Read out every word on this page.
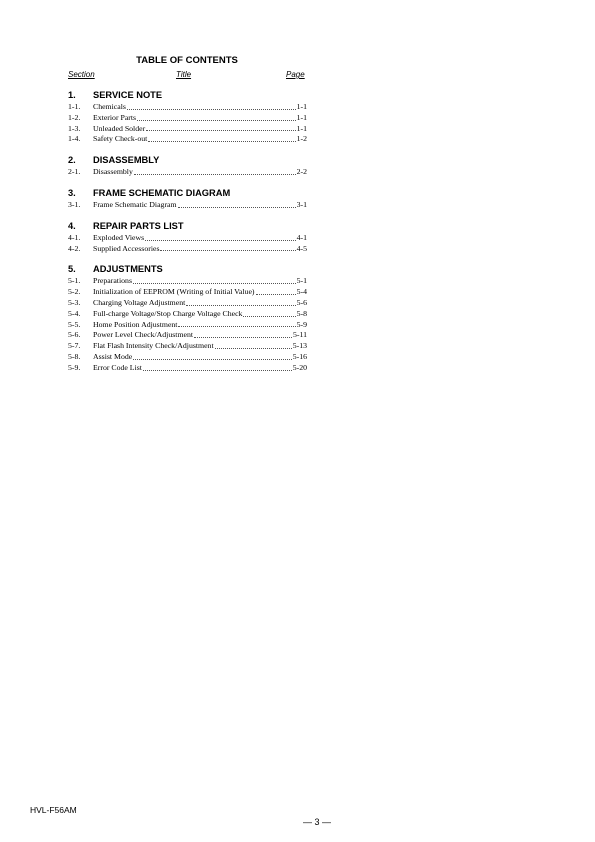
TABLE OF CONTENTS
Section	Title	Page
1.	SERVICE NOTE
1-1.	Chemicals	1-1
1-2.	Exterior Parts	1-1
1-3.	Unleaded Solder	1-1
1-4.	Safety Check-out	1-2
2.	DISASSEMBLY
2-1.	Disassembly	2-2
3.	FRAME SCHEMATIC DIAGRAM
3-1.	Frame Schematic Diagram	3-1
4.	REPAIR PARTS LIST
4-1.	Exploded Views	4-1
4-2.	Supplied Accessories	4-5
5.	ADJUSTMENTS
5-1.	Preparations	5-1
5-2.	Initialization of EEPROM (Writing of Initial Value)	5-4
5-3.	Charging Voltage Adjustment	5-6
5-4.	Full-charge Voltage/Stop Charge Voltage Check	5-8
5-5.	Home Position Adjustment	5-9
5-6.	Power Level Check/Adjustment	5-11
5-7.	Flat Flash Intensity Check/Adjustment	5-13
5-8.	Assist Mode	5-16
5-9.	Error Code List	5-20
HVL-F56AM
— 3 —
